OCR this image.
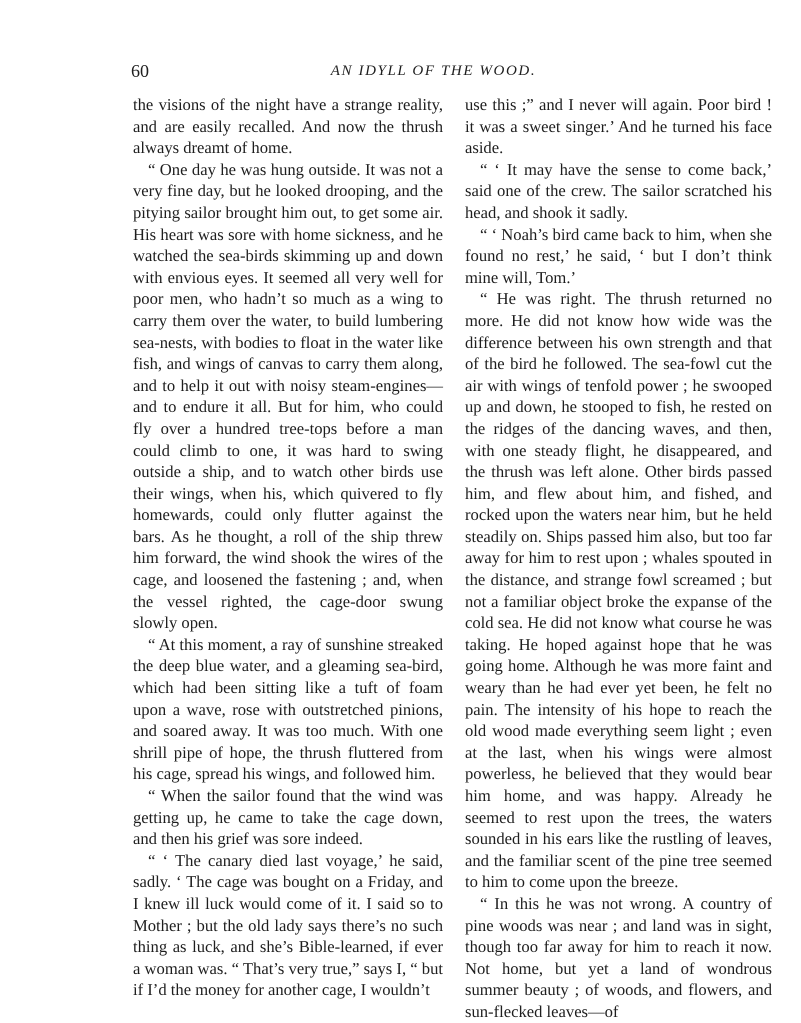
60	AN IDYLL OF THE WOOD.

the visions of the night have a strange reality, and are easily recalled. And now the thrush always dreamt of home.

“ One day he was hung outside. It was not a very fine day, but he looked drooping, and the pitying sailor brought him out, to get some air. His heart was sore with home sickness, and he watched the sea-birds skimming up and down with envious eyes. It seemed all very well for poor men, who hadn’t so much as a wing to carry them over the water, to build lumbering sea-nests, with bodies to float in the water like fish, and wings of canvas to carry them along, and to help it out with noisy steam-engines—and to endure it all. But for him, who could fly over a hundred tree-tops before a man could climb to one, it was hard to swing outside a ship, and to watch other birds use their wings, when his, which quivered to fly homewards, could only flutter against the bars. As he thought, a roll of the ship threw him forward, the wind shook the wires of the cage, and loosened the fastening ; and, when the vessel righted, the cage-door swung slowly open.

“ At this moment, a ray of sunshine streaked the deep blue water, and a gleaming sea-bird, which had been sitting like a tuft of foam upon a wave, rose with outstretched pinions, and soared away. It was too much. With one shrill pipe of hope, the thrush fluttered from his cage, spread his wings, and followed him.

“ When the sailor found that the wind was getting up, he came to take the cage down, and then his grief was sore indeed.

“ ‘ The canary died last voyage,’ he said, sadly. ‘ The cage was bought on a Friday, and I knew ill luck would come of it. I said so to Mother ; but the old lady says there’s no such thing as luck, and she’s Bible-learned, if ever a woman was. “ That’s very true,” says I, “ but if I’d the money for another cage, I wouldn’t

use this ;” and I never will again. Poor bird ! it was a sweet singer.’ And he turned his face aside.

“ ‘ It may have the sense to come back,’ said one of the crew. The sailor scratched his head, and shook it sadly.

“ ‘ Noah’s bird came back to him, when she found no rest,’ he said, ‘ but I don’t think mine will, Tom.’

“ He was right. The thrush returned no more. He did not know how wide was the difference between his own strength and that of the bird he followed. The sea-fowl cut the air with wings of tenfold power ; he swooped up and down, he stooped to fish, he rested on the ridges of the dancing waves, and then, with one steady flight, he disappeared, and the thrush was left alone. Other birds passed him, and flew about him, and fished, and rocked upon the waters near him, but he held steadily on. Ships passed him also, but too far away for him to rest upon ; whales spouted in the distance, and strange fowl screamed ; but not a familiar object broke the expanse of the cold sea. He did not know what course he was taking. He hoped against hope that he was going home. Although he was more faint and weary than he had ever yet been, he felt no pain. The intensity of his hope to reach the old wood made everything seem light ; even at the last, when his wings were almost powerless, he believed that they would bear him home, and was happy. Already he seemed to rest upon the trees, the waters sounded in his ears like the rustling of leaves, and the familiar scent of the pine tree seemed to him to come upon the breeze.

“ In this he was not wrong. A country of pine woods was near ; and land was in sight, though too far away for him to reach it now. Not home, but yet a land of wondrous summer beauty ; of woods, and flowers, and sun-flecked leaves—of
